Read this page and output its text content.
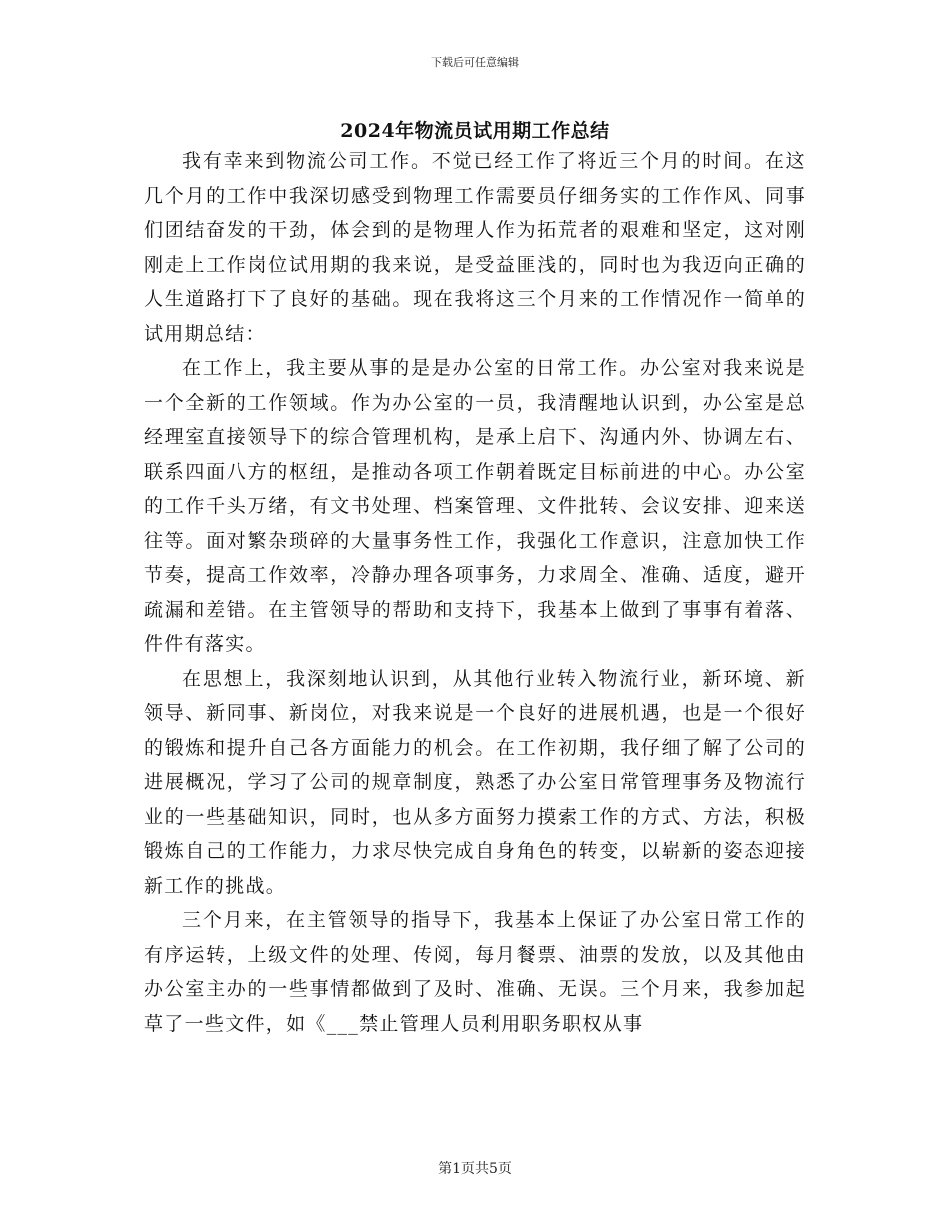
下载后可任意编辑
2024年物流员试用期工作总结

我有幸来到物流公司工作。不觉已经工作了将近三个月的时间。在这几个月的工作中我深切感受到物理工作需要员仔细务实的工作作风、同事们团结奋发的干劲，体会到的是物理人作为拓荒者的艰难和坚定，这对刚刚走上工作岗位试用期的我来说，是受益匪浅的，同时也为我迈向正确的人生道路打下了良好的基础。现在我将这三个月来的工作情况作一简单的试用期总结：

在工作上，我主要从事的是是办公室的日常工作。办公室对我来说是一个全新的工作领域。作为办公室的一员，我清醒地认识到，办公室是总经理室直接领导下的综合管理机构，是承上启下、沟通内外、协调左右、联系四面八方的枢纽，是推动各项工作朝着既定目标前进的中心。办公室的工作千头万绪，有文书处理、档案管理、文件批转、会议安排、迎来送往等。面对繁杂琐碎的大量事务性工作，我强化工作意识，注意加快工作节奏，提高工作效率，冷静办理各项事务，力求周全、准确、适度，避开疏漏和差错。在主管领导的帮助和支持下，我基本上做到了事事有着落、件件有落实。

在思想上，我深刻地认识到，从其他行业转入物流行业，新环境、新领导、新同事、新岗位，对我来说是一个良好的进展机遇，也是一个很好的锻炼和提升自己各方面能力的机会。在工作初期，我仔细了解了公司的进展概况，学习了公司的规章制度，熟悉了办公室日常管理事务及物流行业的一些基础知识，同时，也从多方面努力摸索工作的方式、方法，积极锻炼自己的工作能力，力求尽快完成自身角色的转变，以崭新的姿态迎接新工作的挑战。

三个月来，在主管领导的指导下，我基本上保证了办公室日常工作的有序运转，上级文件的处理、传阅，每月餐票、油票的发放，以及其他由办公室主办的一些事情都做到了及时、准确、无误。三个月来，我参加起草了一些文件，如《___禁止管理人员利用职务职权从事

第1页共5页
